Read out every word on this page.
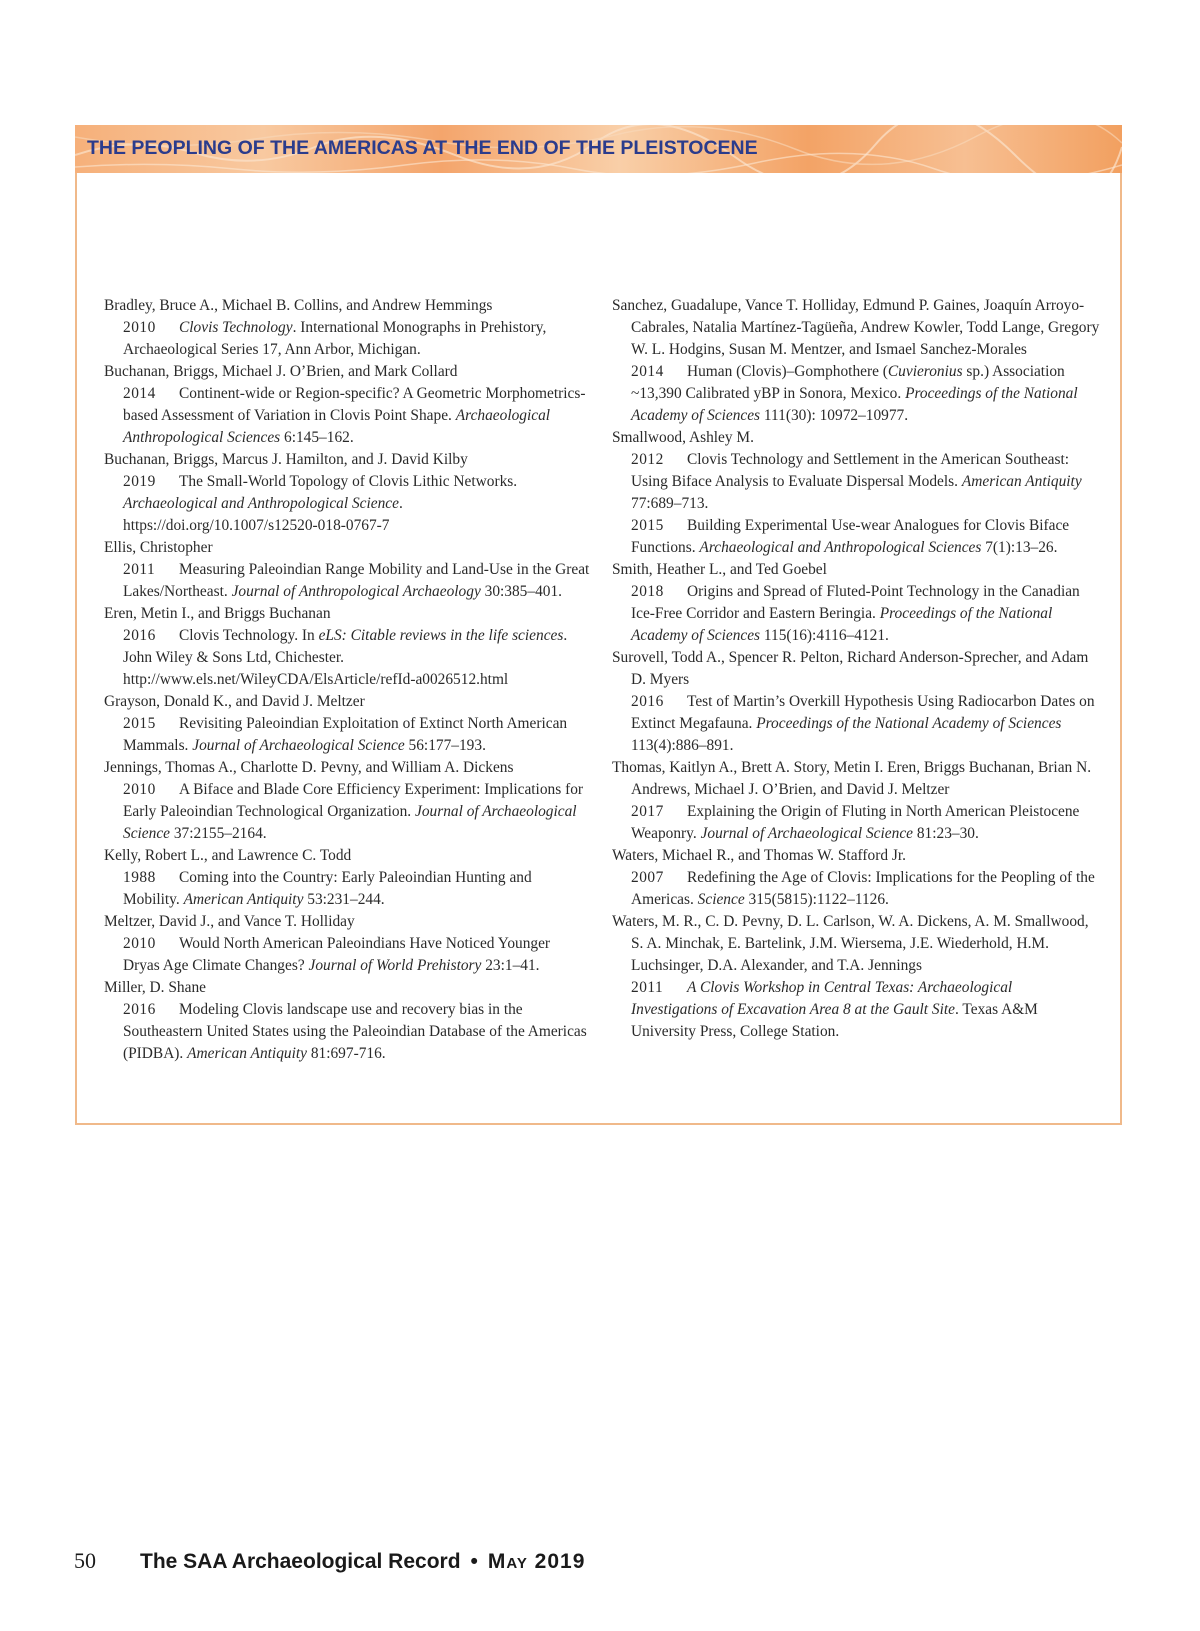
THE PEOPLING OF THE AMERICAS AT THE END OF THE PLEISTOCENE
Bradley, Bruce A., Michael B. Collins, and Andrew Hemmings
2010 Clovis Technology. International Monographs in Prehistory, Archaeological Series 17, Ann Arbor, Michigan.
Buchanan, Briggs, Michael J. O’Brien, and Mark Collard
2014 Continent-wide or Region-specific? A Geometric Morphometrics-based Assessment of Variation in Clovis Point Shape. Archaeological Anthropological Sciences 6:145–162.
Buchanan, Briggs, Marcus J. Hamilton, and J. David Kilby
2019 The Small-World Topology of Clovis Lithic Networks. Archaeological and Anthropological Science. https://doi.org/10.1007/s12520-018-0767-7
Ellis, Christopher
2011 Measuring Paleoindian Range Mobility and Land-Use in the Great Lakes/Northeast. Journal of Anthropological Archaeology 30:385–401.
Eren, Metin I., and Briggs Buchanan
2016 Clovis Technology. In eLS: Citable reviews in the life sciences. John Wiley & Sons Ltd, Chichester. http://www.els.net/WileyCDA/ElsArticle/refId-a0026512.html
Grayson, Donald K., and David J. Meltzer
2015 Revisiting Paleoindian Exploitation of Extinct North American Mammals. Journal of Archaeological Science 56:177–193.
Jennings, Thomas A., Charlotte D. Pevny, and William A. Dickens
2010 A Biface and Blade Core Efficiency Experiment: Implications for Early Paleoindian Technological Organization. Journal of Archaeological Science 37:2155–2164.
Kelly, Robert L., and Lawrence C. Todd
1988 Coming into the Country: Early Paleoindian Hunting and Mobility. American Antiquity 53:231–244.
Meltzer, David J., and Vance T. Holliday
2010 Would North American Paleoindians Have Noticed Younger Dryas Age Climate Changes? Journal of World Prehistory 23:1–41.
Miller, D. Shane
2016 Modeling Clovis landscape use and recovery bias in the Southeastern United States using the Paleoindian Database of the Americas (PIDBA). American Antiquity 81:697-716.
Sanchez, Guadalupe, Vance T. Holliday, Edmund P. Gaines, Joaquín Arroyo-Cabrales, Natalia Martínez-Tagüeña, Andrew Kowler, Todd Lange, Gregory W. L. Hodgins, Susan M. Mentzer, and Ismael Sanchez-Morales
2014 Human (Clovis)–Gomphothere (Cuvieronius sp.) Association ~13,390 Calibrated yBP in Sonora, Mexico. Proceedings of the National Academy of Sciences 111(30): 10972–10977.
Smallwood, Ashley M.
2012 Clovis Technology and Settlement in the American Southeast: Using Biface Analysis to Evaluate Dispersal Models. American Antiquity 77:689–713.
2015 Building Experimental Use-wear Analogues for Clovis Biface Functions. Archaeological and Anthropological Sciences 7(1):13–26.
Smith, Heather L., and Ted Goebel
2018 Origins and Spread of Fluted-Point Technology in the Canadian Ice-Free Corridor and Eastern Beringia. Proceedings of the National Academy of Sciences 115(16):4116–4121.
Surovell, Todd A., Spencer R. Pelton, Richard Anderson-Sprecher, and Adam D. Myers
2016 Test of Martin’s Overkill Hypothesis Using Radiocarbon Dates on Extinct Megafauna. Proceedings of the National Academy of Sciences 113(4):886–891.
Thomas, Kaitlyn A., Brett A. Story, Metin I. Eren, Briggs Buchanan, Brian N. Andrews, Michael J. O’Brien, and David J. Meltzer
2017 Explaining the Origin of Fluting in North American Pleistocene Weaponry. Journal of Archaeological Science 81:23–30.
Waters, Michael R., and Thomas W. Stafford Jr.
2007 Redefining the Age of Clovis: Implications for the Peopling of the Americas. Science 315(5815):1122–1126.
Waters, M. R., C. D. Pevny, D. L. Carlson, W. A. Dickens, A. M. Smallwood, S. A. Minchak, E. Bartelink, J.M. Wiersema, J.E. Wiederhold, H.M. Luchsinger, D.A. Alexander, and T.A. Jennings
2011 A Clovis Workshop in Central Texas: Archaeological Investigations of Excavation Area 8 at the Gault Site. Texas A&M University Press, College Station.
50 The SAA Archaeological Record • May 2019
